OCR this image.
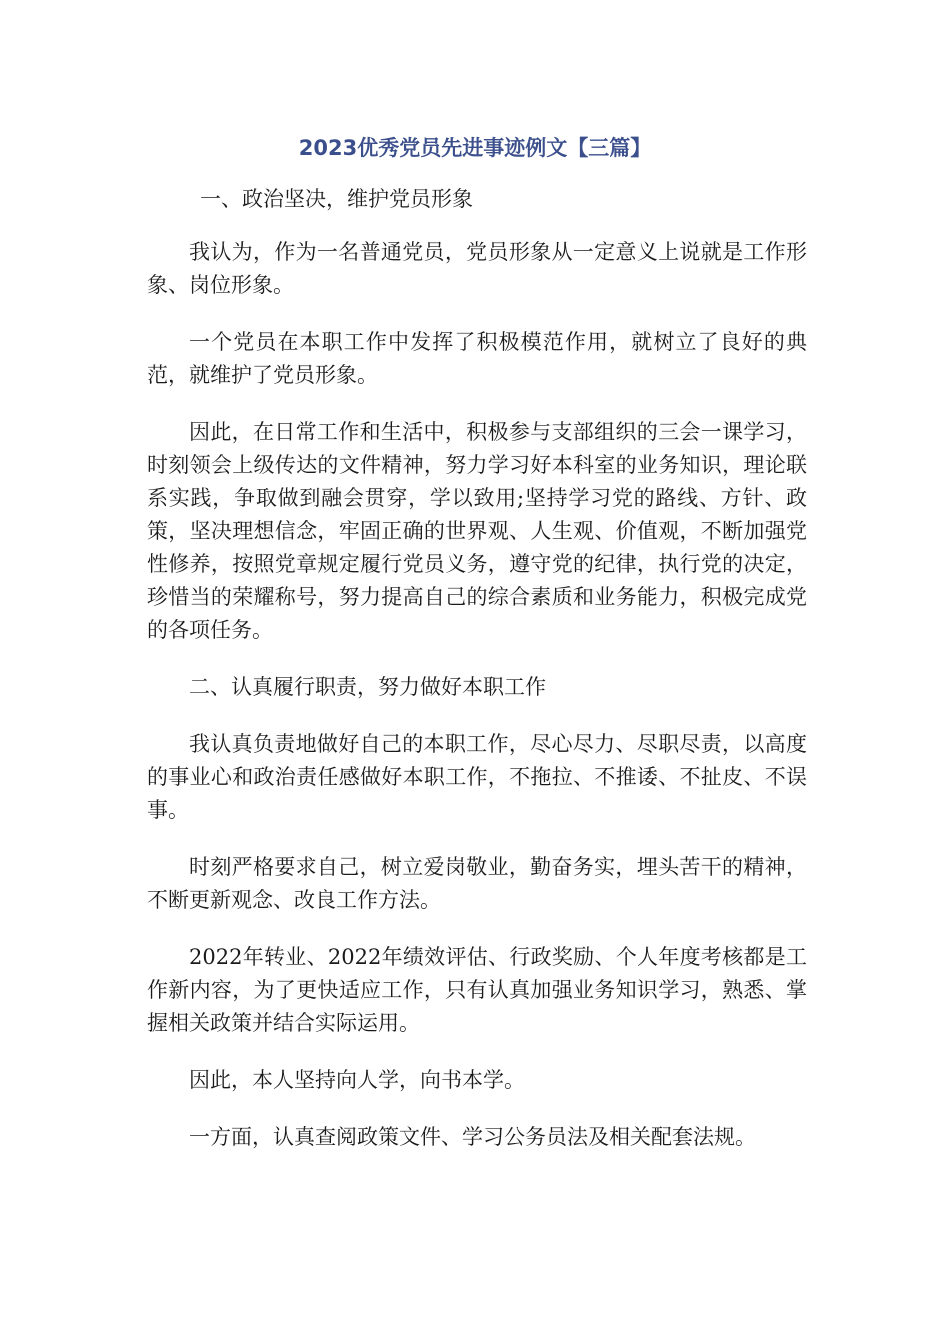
2023优秀党员先进事迹例文【三篇】

一、政治坚决，维护党员形象

我认为，作为一名普通党员，党员形象从一定意义上说就是工作形象、岗位形象。

一个党员在本职工作中发挥了积极模范作用，就树立了良好的典范，就维护了党员形象。

因此，在日常工作和生活中，积极参与支部组织的三会一课学习，时刻领会上级传达的文件精神，努力学习好本科室的业务知识，理论联系实践，争取做到融会贯穿，学以致用;坚持学习党的路线、方针、政策，坚决理想信念，牢固正确的世界观、人生观、价值观，不断加强党性修养，按照党章规定履行党员义务，遵守党的纪律，执行党的决定，珍惜当的荣耀称号，努力提高自己的综合素质和业务能力，积极完成党的各项任务。

二、认真履行职责，努力做好本职工作

我认真负责地做好自己的本职工作，尽心尽力、尽职尽责，以高度的事业心和政治责任感做好本职工作，不拖拉、不推诿、不扯皮、不误事。

时刻严格要求自己，树立爱岗敬业，勤奋务实，埋头苦干的精神，不断更新观念、改良工作方法。

2022年转业、2022年绩效评估、行政奖励、个人年度考核都是工作新内容，为了更快适应工作，只有认真加强业务知识学习，熟悉、掌握相关政策并结合实际运用。

因此，本人坚持向人学，向书本学。

一方面，认真查阅政策文件、学习公务员法及相关配套法规。
